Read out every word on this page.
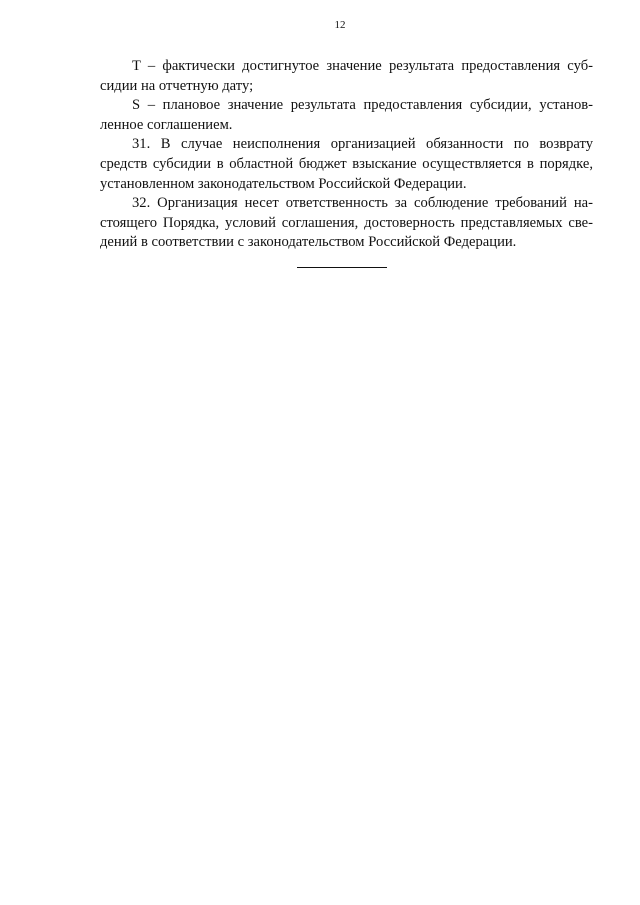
12
T – фактически достигнутое значение результата предоставления суб-
сидии на отчетную дату;
S – плановое значение результата предоставления субсидии, установ-
ленное соглашением.
31. В случае неисполнения организацией обязанности по возврату
средств субсидии в областной бюджет взыскание осуществляется в порядке,
установленном законодательством Российской Федерации.
32. Организация несет ответственность за соблюдение требований на-
стоящего Порядка, условий соглашения, достоверность представляемых све-
дений в соответствии с законодательством Российской Федерации.
